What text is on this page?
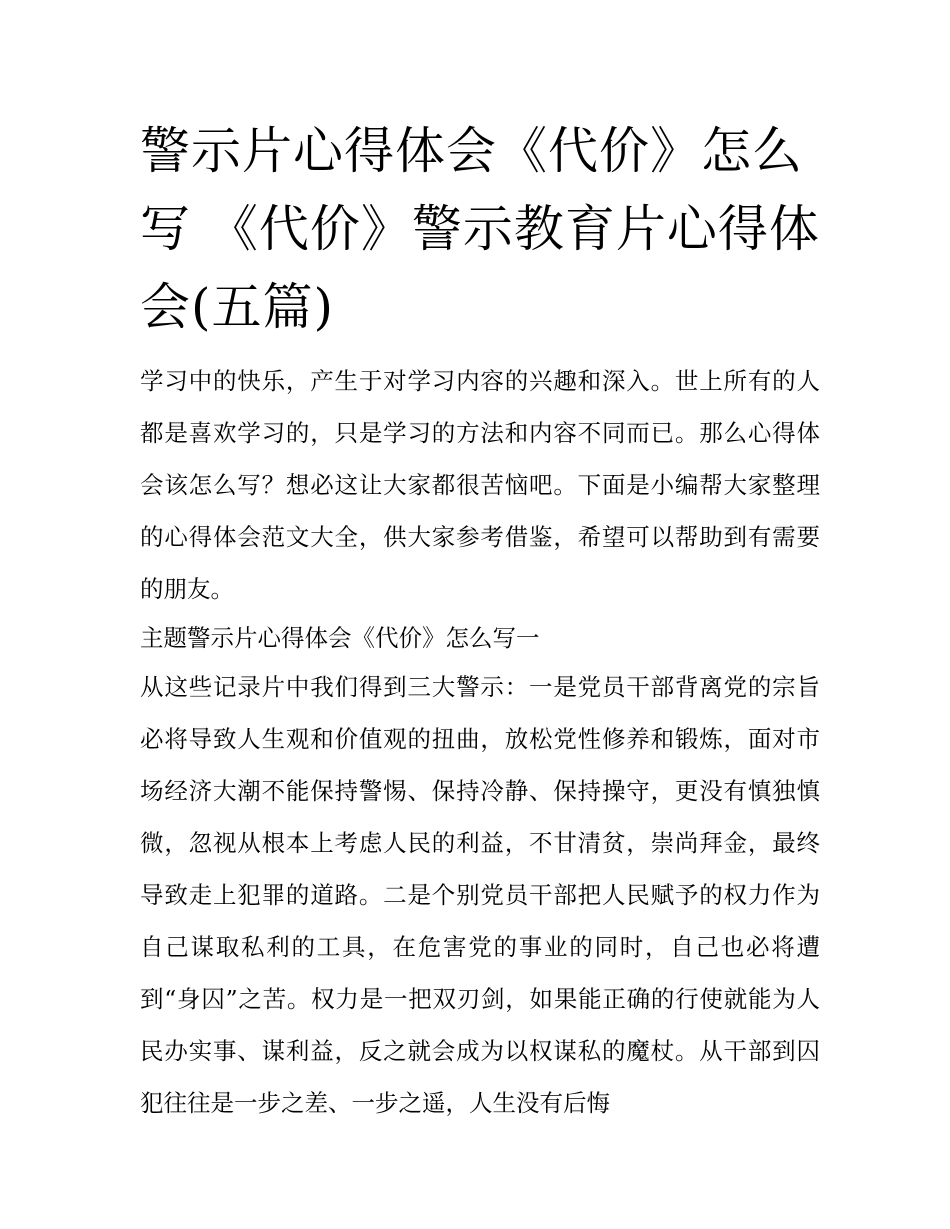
警示片心得体会《代价》怎么写 《代价》警示教育片心得体会(五篇)

学习中的快乐，产生于对学习内容的兴趣和深入。世上所有的人都是喜欢学习的，只是学习的方法和内容不同而已。那么心得体会该怎么写？想必这让大家都很苦恼吧。下面是小编帮大家整理的心得体会范文大全，供大家参考借鉴，希望可以帮助到有需要的朋友。

主题警示片心得体会《代价》怎么写一

从这些记录片中我们得到三大警示：一是党员干部背离党的宗旨必将导致人生观和价值观的扭曲，放松党性修养和锻炼，面对市场经济大潮不能保持警惕、保持冷静、保持操守，更没有慎独慎微，忽视从根本上考虑人民的利益，不甘清贫，崇尚拜金，最终导致走上犯罪的道路。二是个别党员干部把人民赋予的权力作为自己谋取私利的工具，在危害党的事业的同时，自己也必将遭到“身囚”之苦。权力是一把双刃剑，如果能正确的行使就能为人民办实事、谋利益，反之就会成为以权谋私的魔杖。从干部到囚犯往往是一步之差、一步之遥，人生没有后悔
